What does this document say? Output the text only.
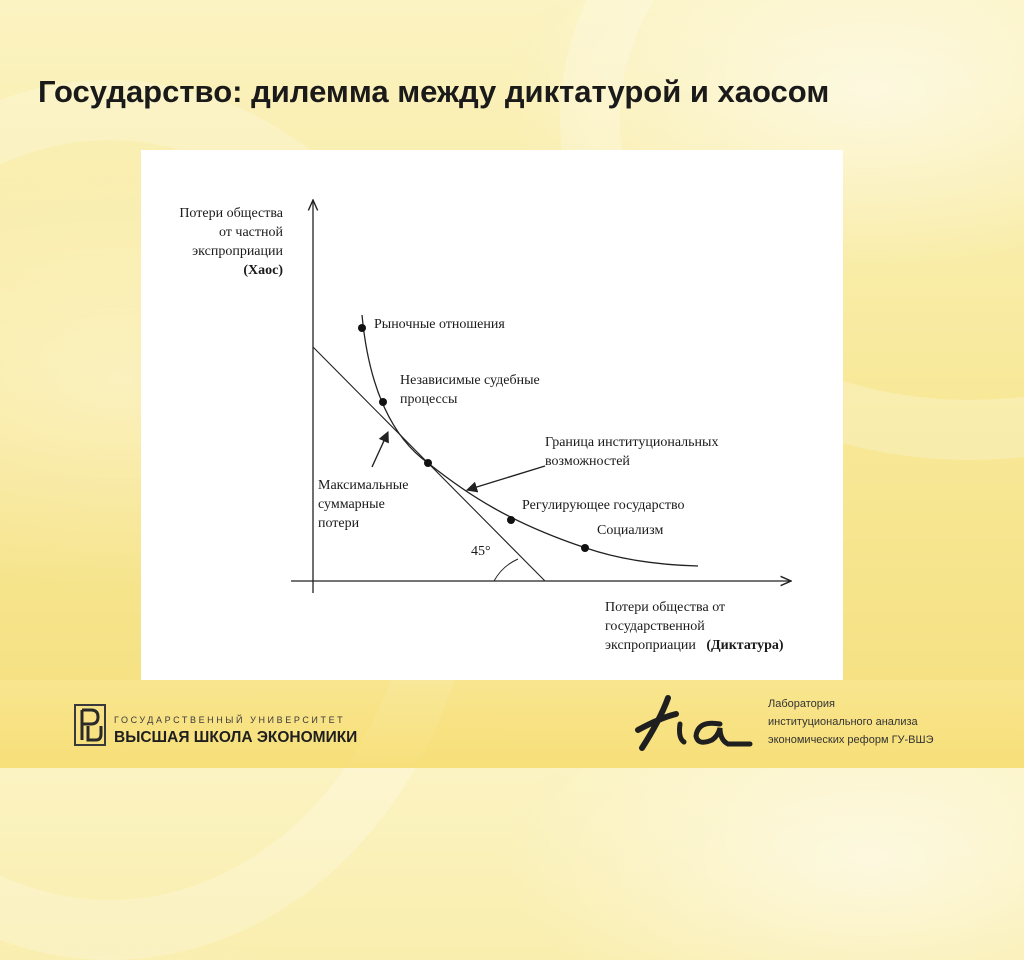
Государство: дилемма между диктатурой и хаосом
Потери общества
от частной
экспроприации
(Хаос)
Рыночные отношения
Независимые судебные
процессы
Граница институциональных
возможностей
Максимальные
суммарные
потери
Регулирующее государство
Социализм
45°
Потери общества от
государственной
экспроприации (Диктатура)
ГОСУДАРСТВЕННЫЙ УНИВЕРСИТЕТ
ВЫСШАЯ ШКОЛА ЭКОНОМИКИ
Лаборатория
институционального анализа
экономических реформ ГУ-ВШЭ
